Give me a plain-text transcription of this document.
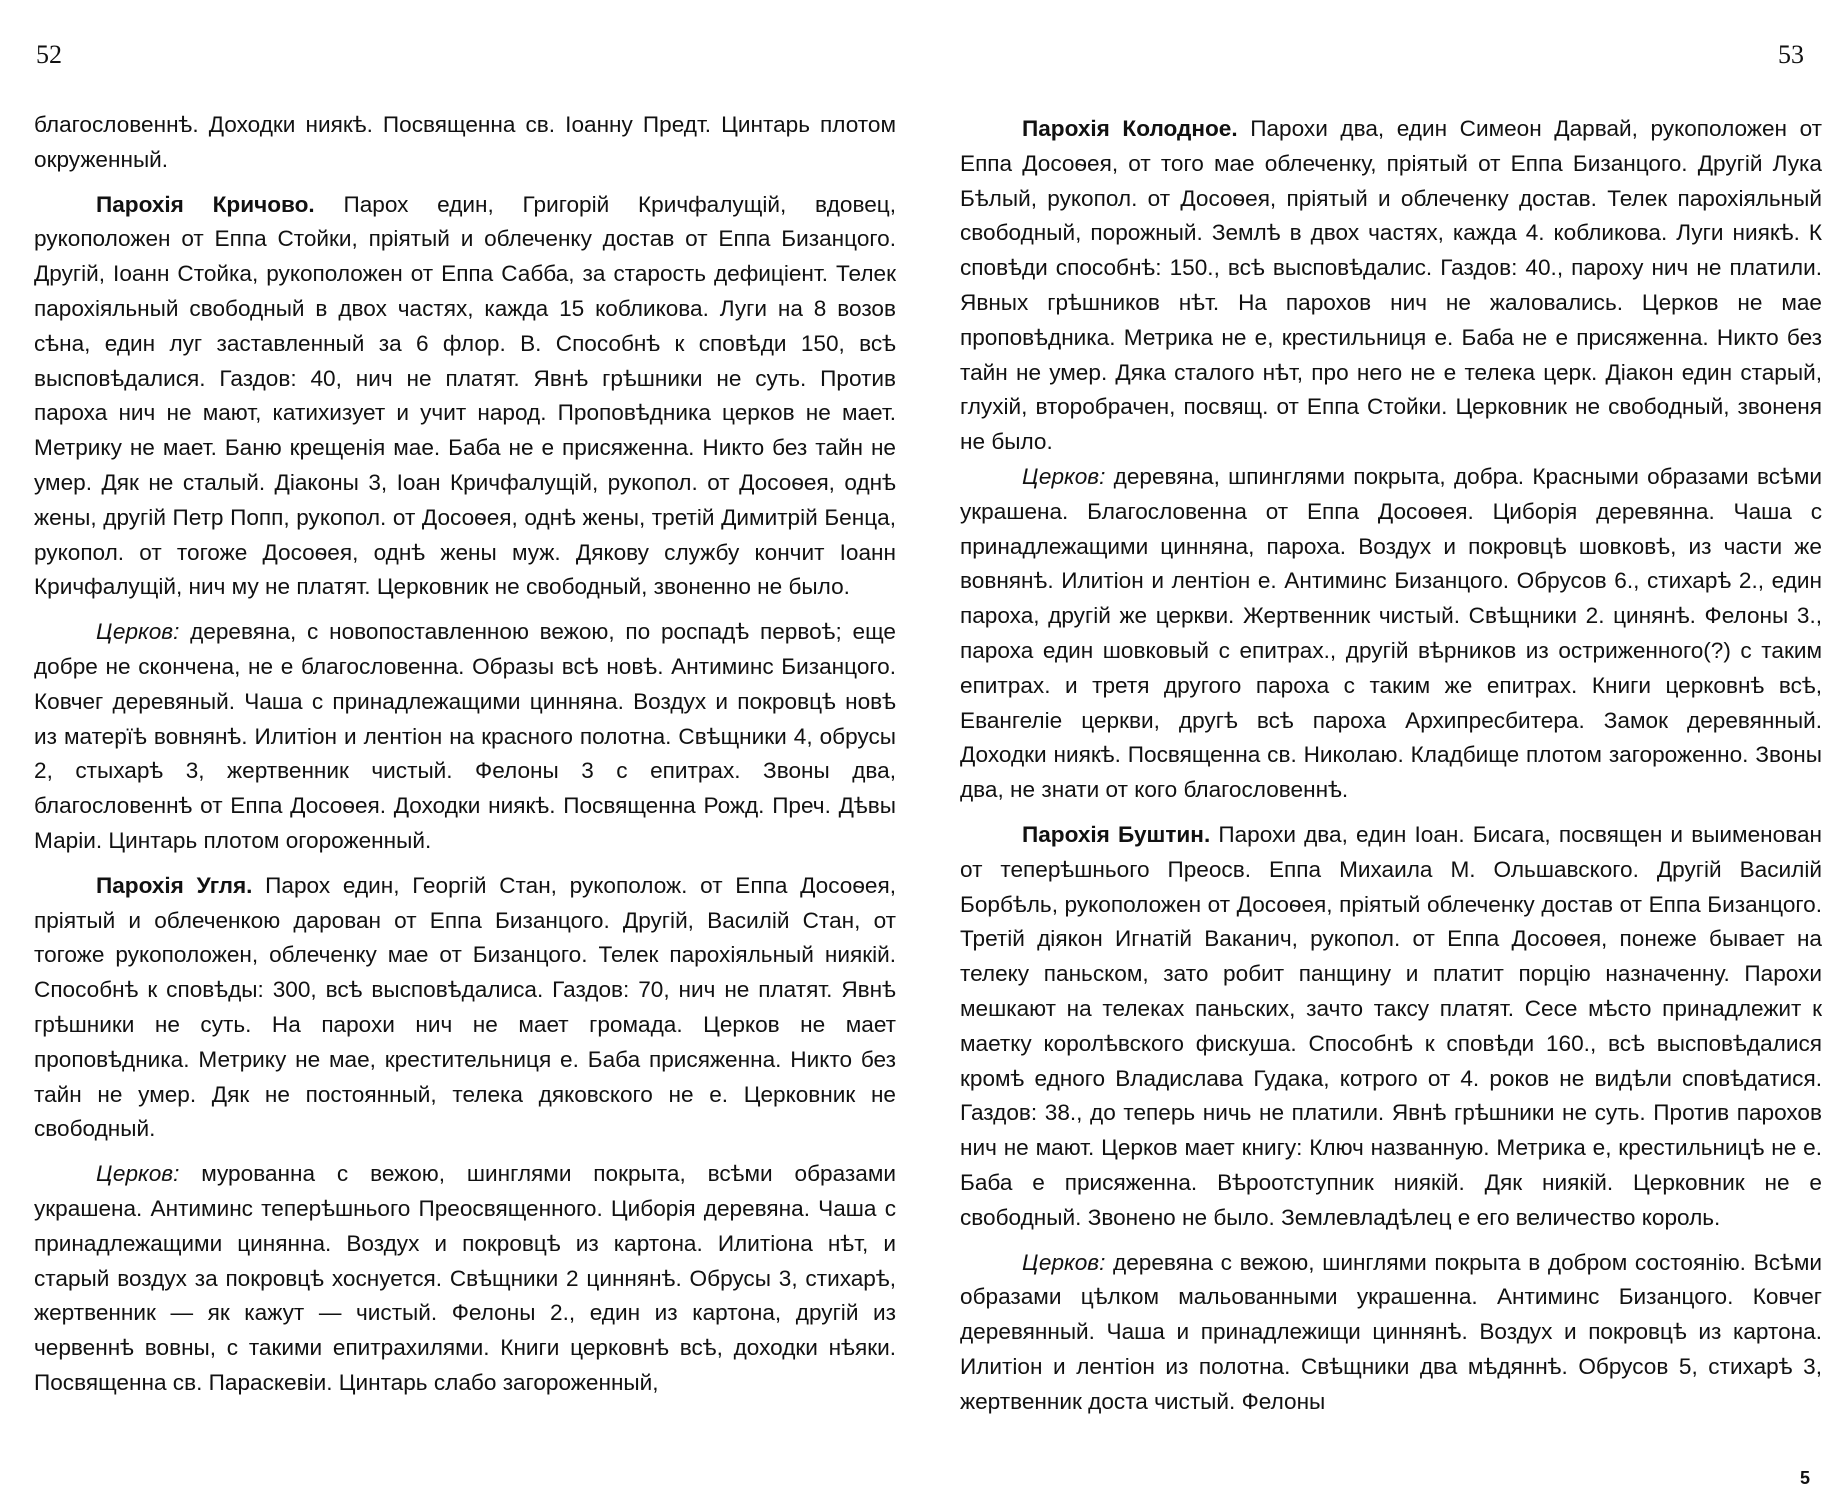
52	53

благословеннѣ. Доходки ниякѣ. Посвященна св. Іоанну Предт. Цинтарь плотом окруженный.

Парохія Кричово. Парох един, Григорій Кричфалущій, вдовец, рукоположен от Еппа Стойки, пріятый и облеченку достав от Еппа Бизанцого. Другій, Іоанн Стойка, рукоположен от Еппа Сабба, за старость дефиціент. Телек парохіяльный свободный в двох частях, кажда 15 кобликова. Луги на 8 возов сѣна, един луг заставленный за 6 флор. В. Способнѣ к сповѣди 150, всѣ высповѣдалися. Газдов: 40, нич не платят. Явнѣ грѣшники не суть. Против пароха нич не мают, катихизует и учит народ. Проповѣдника церков не мает. Метрику не мает. Баню крещенія мае. Баба не е присяженна. Никто без тайн не умер. Дяк не сталый. Діаконы 3, Іоан Кричфалущій, рукопол. от Досоѳея, однѣ жены, другій Петр Попп, рукопол. от Досоѳея, однѣ жены, третій Димитрій Бенца, рукопол. от тогоже Досоѳея, однѣ жены муж. Дякову службу кончит Іоанн Кричфалущій, нич му не платят. Церковник не свободный, звоненно не было.

Церков: деревяна, с новопоставленною вежою, по роспадѣ первоѣ; еще добре не скончена, не е благословенна. Образы всѣ новѣ. Антиминс Бизанцого. Ковчег деревяный. Чаша с принадлежащими цинняна. Воздух и покровцѣ новѣ из матерїѣ вовнянѣ. Илитіон и лентіон на красного полотна. Свѣщники 4, обрусы 2, стыхарѣ 3, жертвенник чистый. Фелоны 3 с епитрах. Звоны два, благословеннѣ от Еппа Досоѳея. Доходки ниякѣ. Посвященна Рожд. Преч. Дѣвы Маріи. Цинтарь плотом огороженный.

Парохія Угля. Парох един, Георгій Стан, рукополож. от Еппа Досоѳея, пріятый и облеченкою дарован от Еппа Бизанцого. Другій, Василій Стан, от тогоже рукоположен, облеченку мае от Бизанцого. Телек парохіяльный ниякій. Способнѣ к сповѣды: 300, всѣ высповѣдалиса. Газдов: 70, нич не платят. Явнѣ грѣшники не суть. На парохи нич не мает громада. Церков не мает проповѣдника. Метрику не мае, крестительниця е. Баба присяженна. Никто без тайн не умер. Дяк не постоянный, телека дяковского не е. Церковник не свободный.

Церков: мурованна с вежою, шинглями покрыта, всѣми образами украшена. Антиминс теперѣшнього Преосвященного. Циборія деревяна. Чаша с принадлежащими цинянна. Воздух и покровцѣ из картона. Илитіона нѣт, и старый воздух за покровцѣ хоснуется. Свѣщники 2 циннянѣ. Обрусы 3, стихарѣ, жертвенник — як кажут — чистый. Фелоны 2., един из картона, другій из червеннѣ вовны, с такими епитрахилями. Книги церковнѣ всѣ, доходки нѣяки. Посвященна св. Параскевіи. Цинтарь слабо загороженный,

Парохія Колодное. Парохи два, един Симеон Дарвай, рукоположен от Еппа Досоѳея, от того мае облеченку, пріятый от Еппа Бизанцого. Другій Лука Бѣлый, рукопол. от Досоѳея, пріятый и облеченку достав. Телек парохіяльный свободный, порожный. Землѣ в двох частях, кажда 4. кобликова. Луги ниякѣ. К сповѣди способнѣ: 150., всѣ высповѣдалис. Газдов: 40., пароху нич не платили. Явных грѣшников нѣт. На парохов нич не жаловались. Церков не мае проповѣдника. Метрика не е, крестильниця е. Баба не е присяженна. Никто без тайн не умер. Дяка сталого нѣт, про него не е телека церк. Діакон един старый, глухій, второбрачен, посвящ. от Еппа Стойки. Церковник не свободный, звоненя не было.

Церков: деревяна, шпинглями покрыта, добра. Красными образами всѣми украшена. Благословенна от Еппа Досоѳея. Циборія деревянна. Чаша с принадлежащими цинняна, пароха. Воздух и покровцѣ шовковѣ, из части же вовнянѣ. Илитіон и лентіон е. Антиминс Бизанцого. Обрусов 6., стихарѣ 2., един пароха, другій же церкви. Жертвенник чистый. Свѣщники 2. цинянѣ. Фелоны 3., пароха един шовковый с епитрах., другій вѣрников из остриженного(?) с таким епитрах. и третя другого пароха с таким же епитрах. Книги церковнѣ всѣ, Евангеліе церкви, другѣ всѣ пароха Архипресбитера. Замок деревянный. Доходки ниякѣ. Посвященна св. Николаю. Кладбище плотом загороженно. Звоны два, не знати от кого благословеннѣ.

Парохія Буштин. Парохи два, един Іоан. Бисага, посвящен и выименован от теперѣшнього Преосв. Еппа Михаила М. Ольшавского. Другій Василій Борбѣль, рукоположен от Досоѳея, пріятый облеченку достав от Еппа Бизанцого. Третій діякон Игнатій Ваканич, рукопол. от Еппа Досоѳея, понеже бывает на телеку паньском, зато робит панщину и платит порцію назначенну. Парохи мешкают на телеках паньских, зачто таксу платят. Сесе мѣсто принадлежит к маетку королѣвского фискуша. Способнѣ к сповѣди 160., всѣ высповѣдалися кромѣ едного Владислава Гудака, котрого от 4. роков не видѣли сповѣдатися. Газдов: 38., до теперь ничь не платили. Явнѣ грѣшники не суть. Против парохов нич не мают. Церков мает книгу: Ключ названную. Метрика е, крестильницѣ не е. Баба е присяженна. Вѣроотступник ниякій. Дяк ниякій. Церковник не е свободный. Звонено не было. Землевладѣлец е его величество король.

Церков: деревяна с вежою, шинглями покрыта в добром состоянію. Всѣми образами цѣлком мальованными украшенна. Антиминс Бизанцого. Ковчег деревянный. Чаша и принадлежищи циннянѣ. Воздух и покровцѣ из картона. Илитіон и лентіон из полотна. Свѣщники два мѣдяннѣ. Обрусов 5, стихарѣ 3, жертвенник доста чистый. Фелоны

5
